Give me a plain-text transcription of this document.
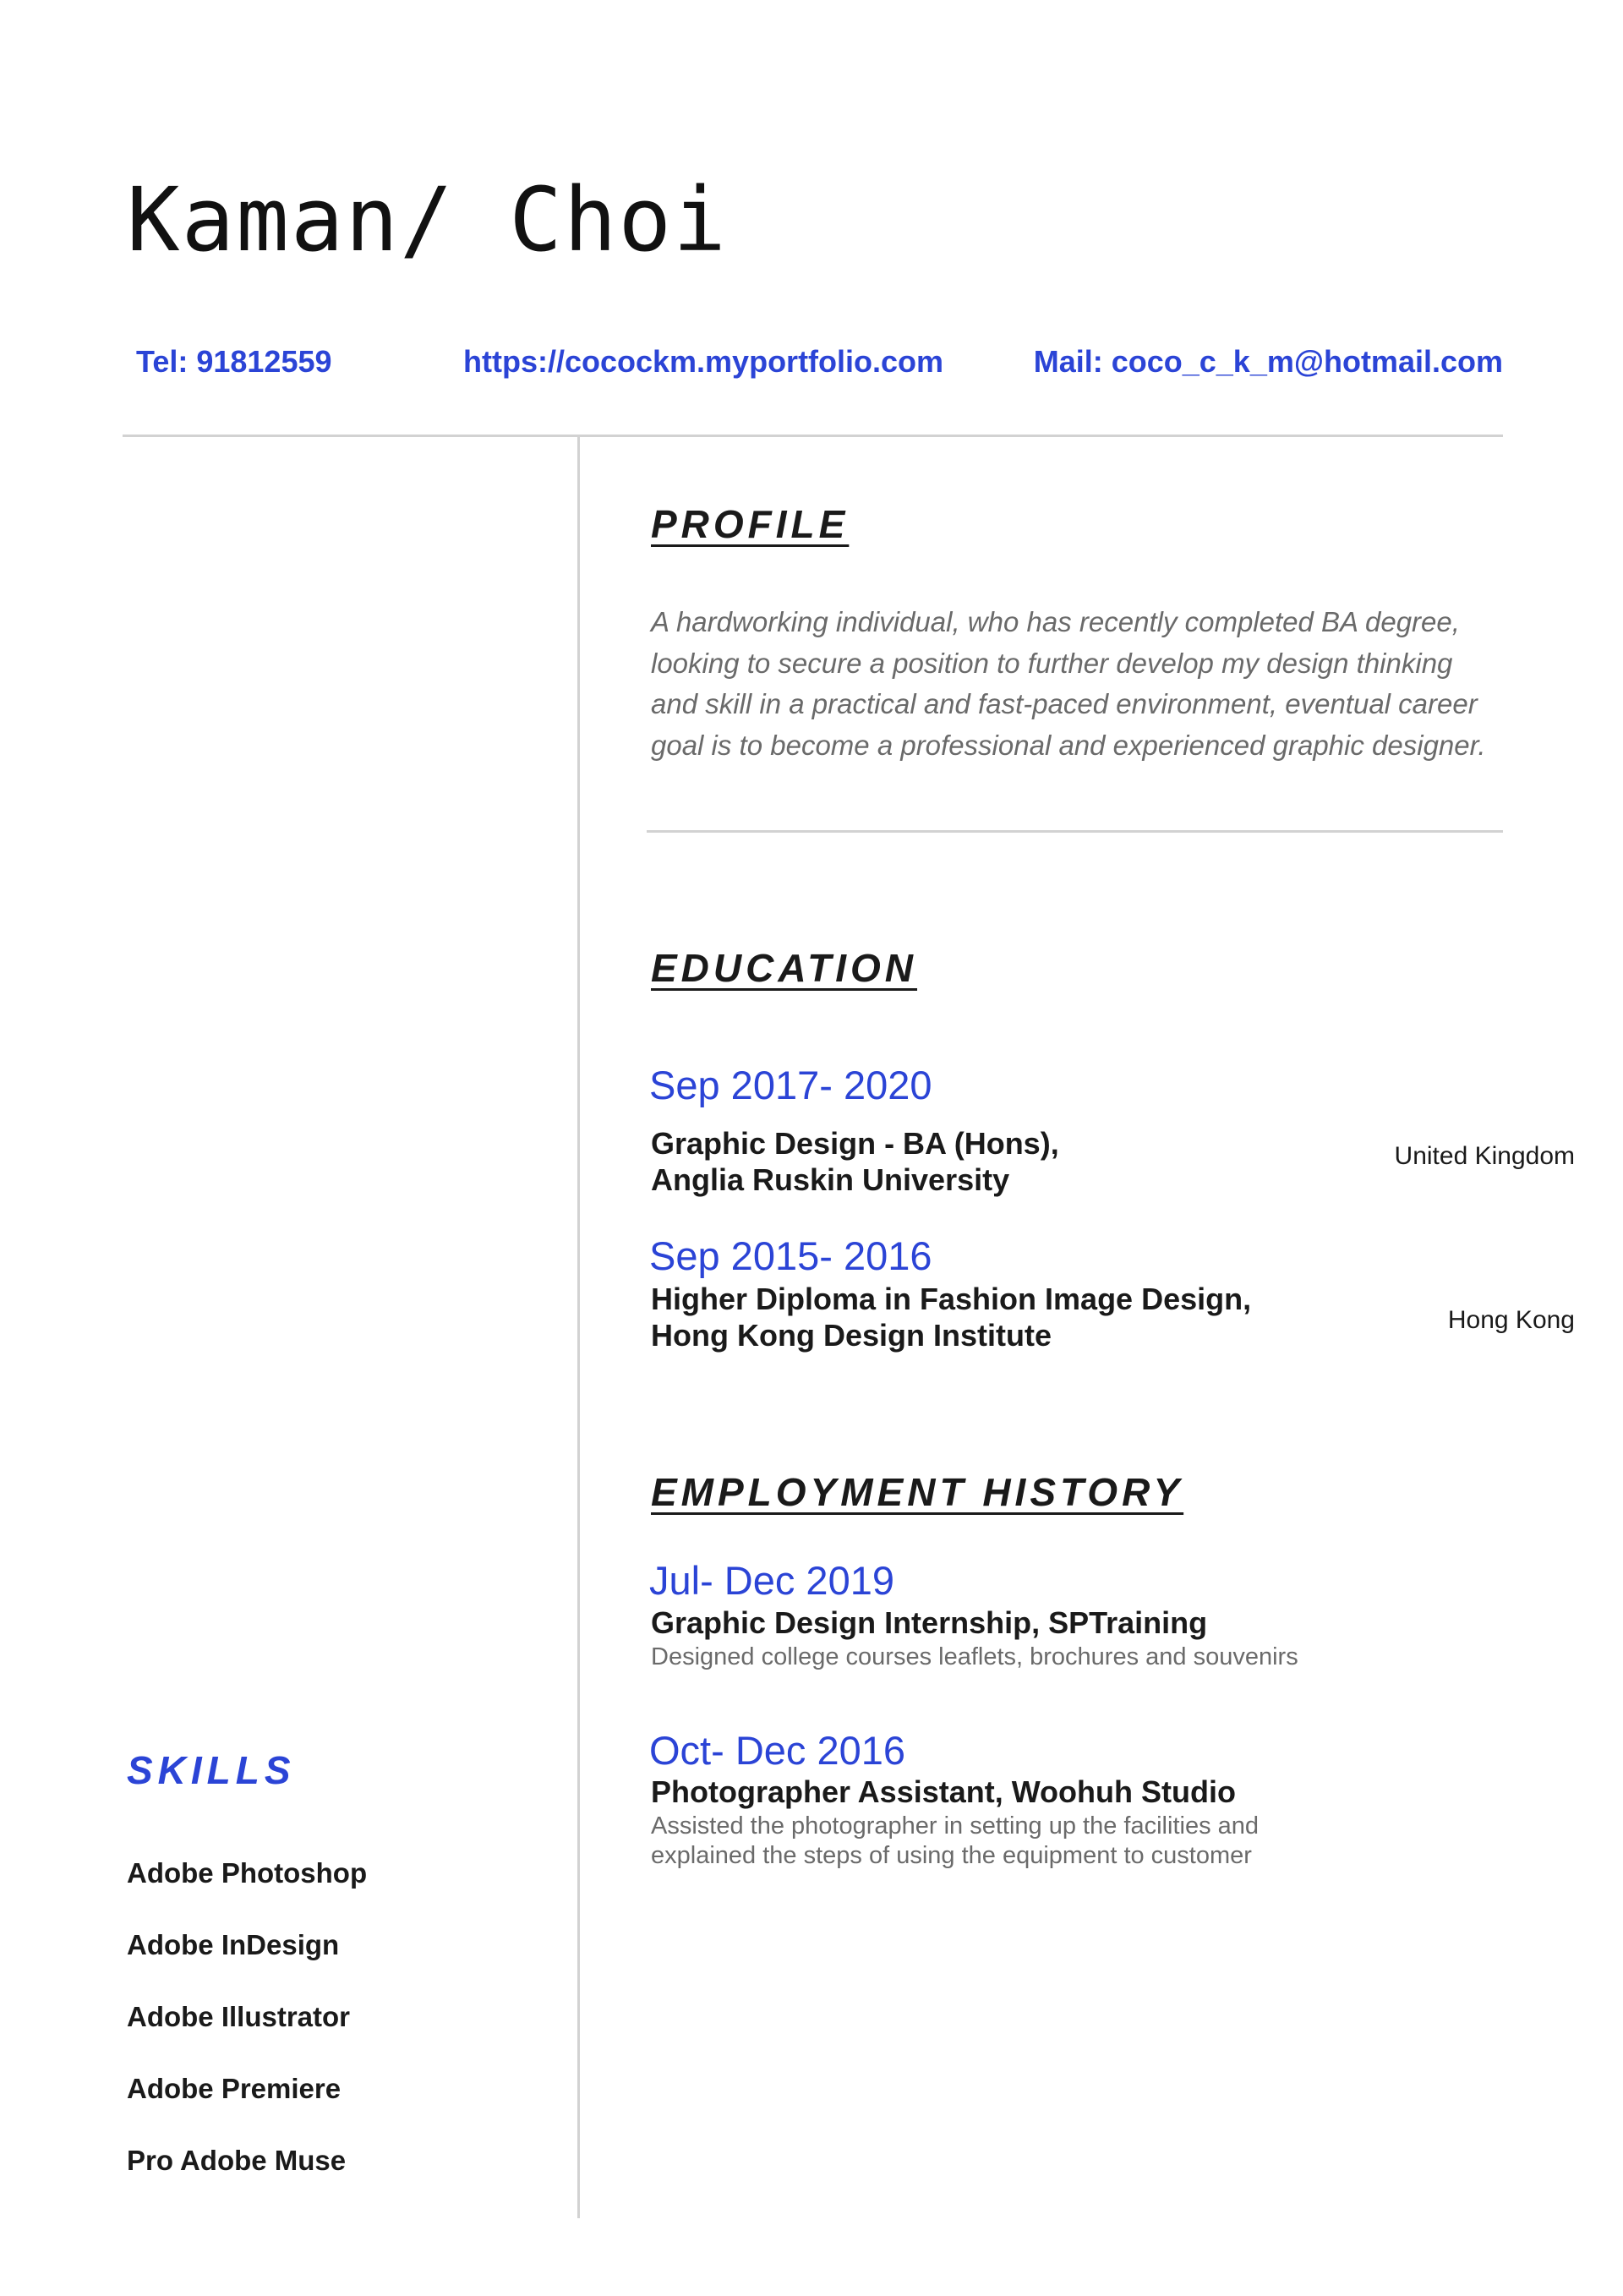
Kaman/ Choi
Tel: 91812559	https://cocockm.myportfolio.com	Mail: coco_c_k_m@hotmail.com
PROFILE
A hardworking individual, who has recently completed BA degree, looking to secure a position to further develop my design thinking and skill in a practical and fast-paced environment, eventual career goal is to become a professional and experienced graphic designer.
EDUCATION
Sep 2017- 2020
Graphic Design - BA (Hons),
Anglia Ruskin University
United Kingdom
Sep 2015- 2016
Higher Diploma in Fashion Image Design,
Hong Kong Design Institute	Hong Kong
EMPLOYMENT HISTORY
Jul- Dec 2019
Graphic Design Internship, SPTraining
Designed college courses leaflets, brochures and souvenirs
Oct- Dec 2016
Photographer Assistant, Woohuh Studio
Assisted the photographer in setting up the facilities and
explained the steps of using the equipment to customer
SKILLS
Adobe Photoshop
Adobe InDesign
Adobe Illustrator
Adobe Premiere
Pro Adobe Muse
